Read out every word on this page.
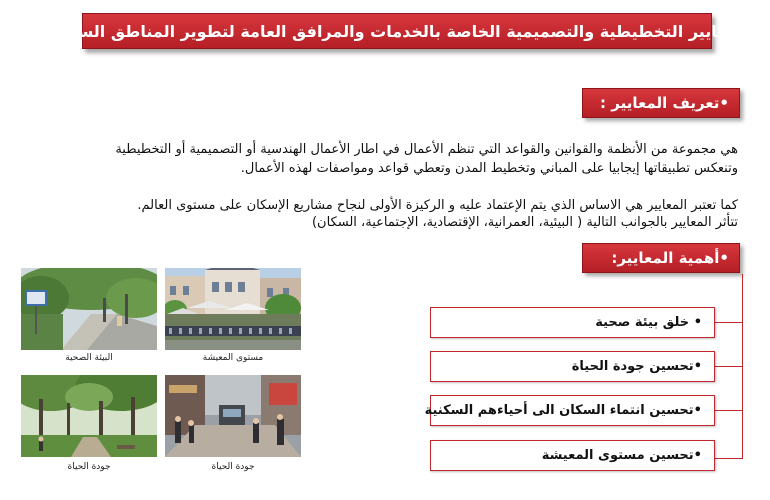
المعايير التخطيطية والتصميمية الخاصة بالخدمات والمرافق العامة لتطوير المناطق السكنية
•تعريف المعايير :

هي مجموعة من الأنظمة والقوانين والقواعد التي تنظم الأعمال في اطار الأعمال الهندسية أو التصميمية أو التخطيطية

وتنعكس تطبيقاتها إيجابيا على المباني وتخطيط المدن وتعطي قواعد ومواصفات لهذه الأعمال.

كما تعتبر المعايير هي الاساس الذي يتم الإعتماد عليه و الركيزة الأولى لنجاح مشاريع الإسكان على مستوى العالم.

تتأثر المعايير بالجوانب التالية ( البيئية، العمرانية، الإقتصادية، الإجتماعية، السكان)

•أهمية المعايير:
• خلق بيئة صحية
•تحسين جودة الحياة
•تحسين انتماء السكان الى أحياءهم السكنية
•تحسين مستوى المعيشة
مستوى المعيشة
البيئة الصحية
جودة الحياة
جودة الحياة
